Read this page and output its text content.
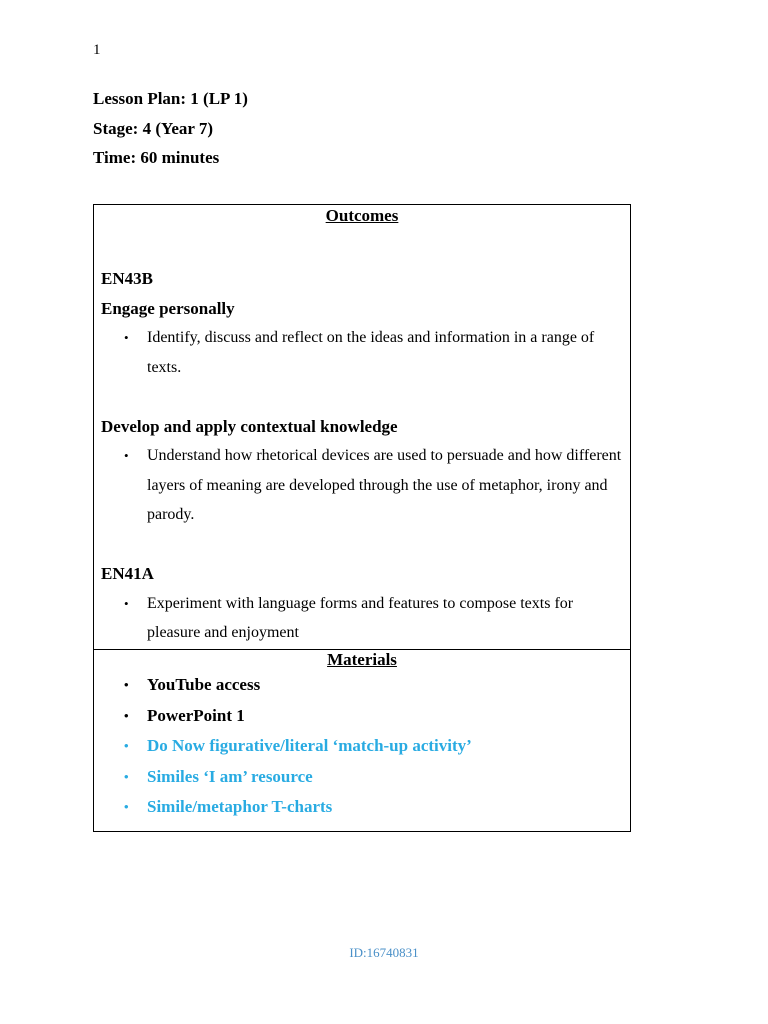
1
Lesson Plan: 1 (LP 1)
Stage: 4 (Year 7)
Time: 60 minutes
Outcomes
EN43B
Engage personally
• Identify, discuss and reflect on the ideas and information in a range of texts.
Develop and apply contextual knowledge
• Understand how rhetorical devices are used to persuade and how different layers of meaning are developed through the use of metaphor, irony and parody.
EN41A
• Experiment with language forms and features to compose texts for pleasure and enjoyment
Materials
• YouTube access
• PowerPoint 1
• Do Now figurative/literal ‘match-up activity’
• Similes ‘I am’ resource
• Simile/metaphor T-charts
ID:16740831
